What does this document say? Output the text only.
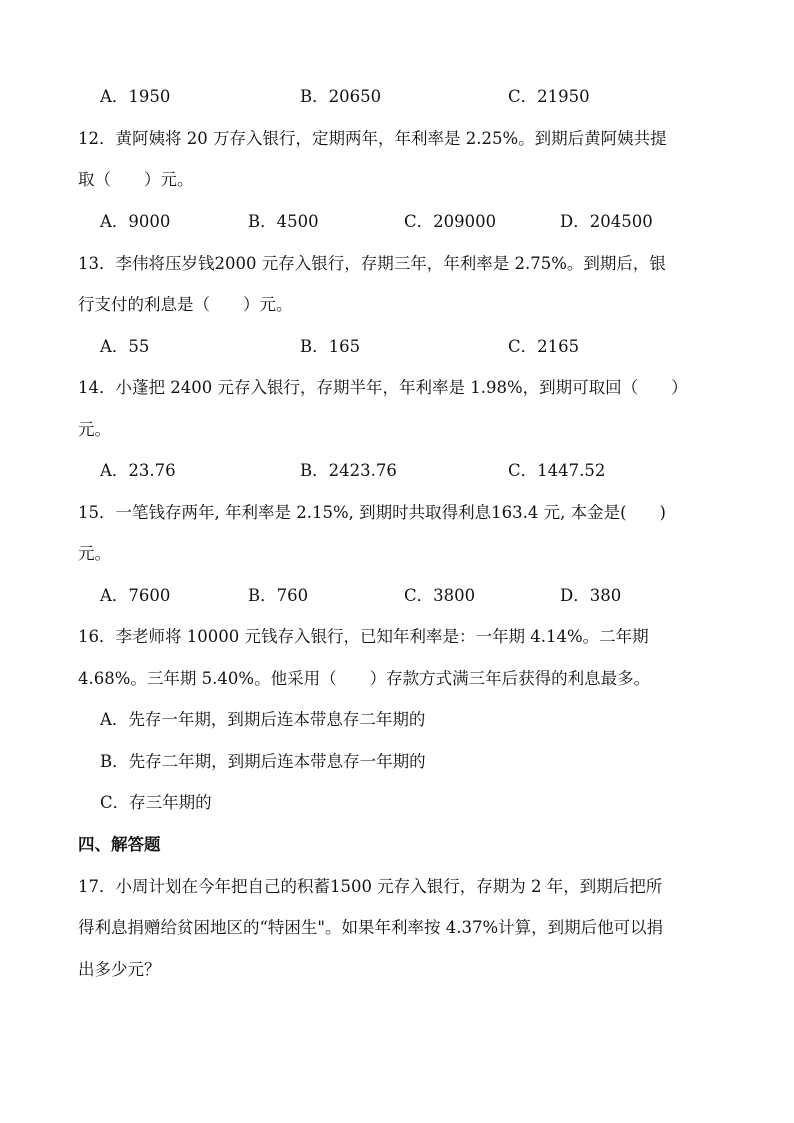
A．1950	B．20650	C．21950
12．黄阿姨将 20 万存入银行，定期两年，年利率是 2.25%。到期后黄阿姨共提
取（　　）元。
A．9000	B．4500	C．209000	D．204500
13．李伟将压岁钱2000 元存入银行，存期三年，年利率是 2.75%。到期后，银
行支付的利息是（　　）元。
A．55	B．165	C．2165
14．小蓬把 2400 元存入银行，存期半年，年利率是 1.98%，到期可取回（　　）
元。
A．23.76	B．2423.76	C．1447.52
15．一笔钱存两年, 年利率是 2.15%, 到期时共取得利息163.4 元, 本金是(　　)
元。
A．7600	B．760	C．3800	D．380
16．李老师将 10000 元钱存入银行，已知年利率是：一年期 4.14%。二年期
4.68%。三年期 5.40%。他采用（　　）存款方式满三年后获得的利息最多。
A．先存一年期，到期后连本带息存二年期的
B．先存二年期，到期后连本带息存一年期的
C．存三年期的
四、解答题
17．小周计划在今年把自己的积蓄1500 元存入银行，存期为 2 年，到期后把所
得利息捐赠给贫困地区的“特困生"。如果年利率按 4.37%计算，到期后他可以捐
出多少元？
